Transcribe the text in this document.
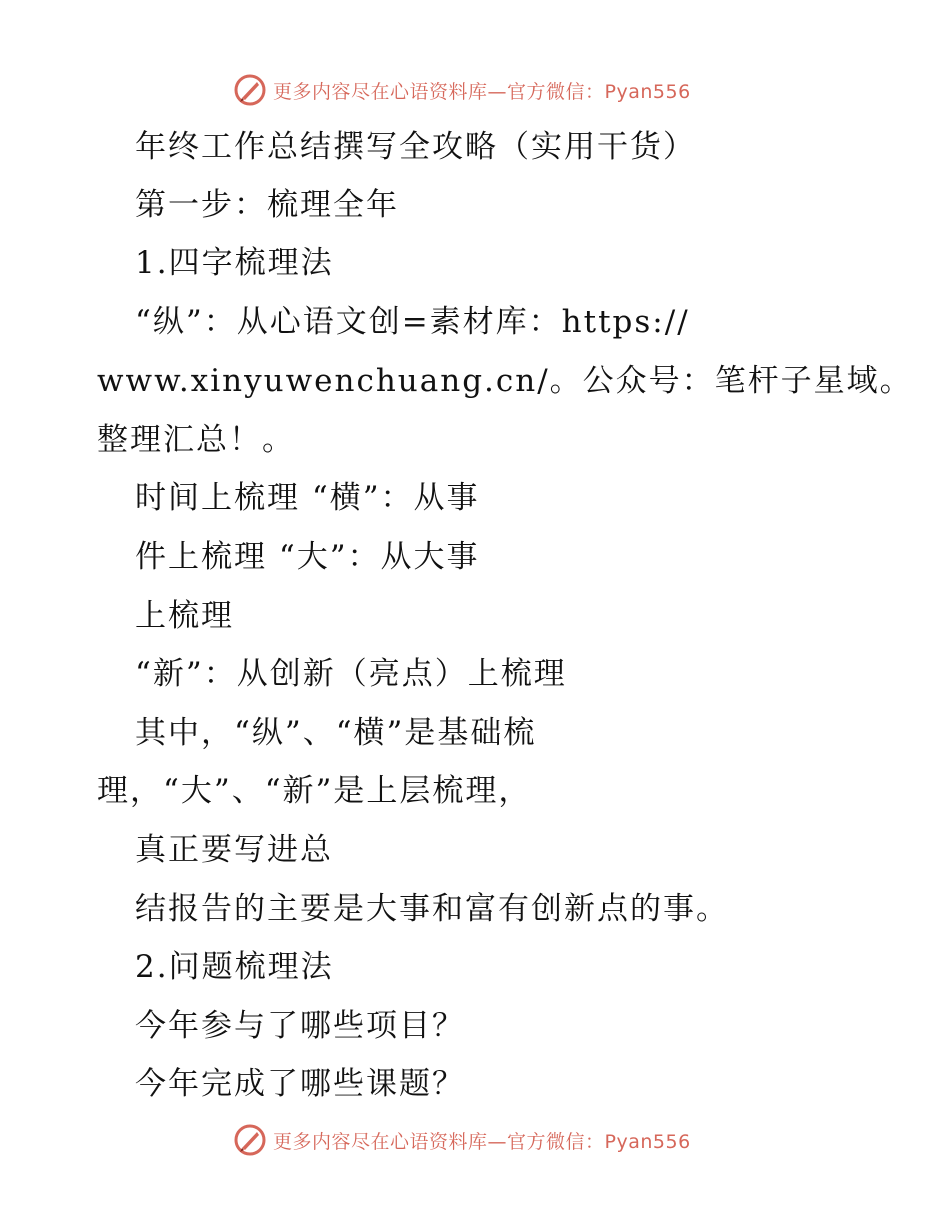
更多内容尽在心语资料库—官方微信：Pyan556
年终工作总结撰写全攻略（实用干货）
第一步：梳理全年
1.四字梳理法
“纵”：从心语文创=素材库：https://
www.xinyuwenchuang.cn/。公众号：笔杆子星域。
整理汇总！。
时间上梳理 “横”：从事
件上梳理 “大”：从大事
上梳理
“新”：从创新（亮点）上梳理
其中，“纵”、“横”是基础梳
理，“大”、“新”是上层梳理，
真正要写进总
结报告的主要是大事和富有创新点的事。
2.问题梳理法
今年参与了哪些项目？
今年完成了哪些课题？
更多内容尽在心语资料库—官方微信：Pyan556
